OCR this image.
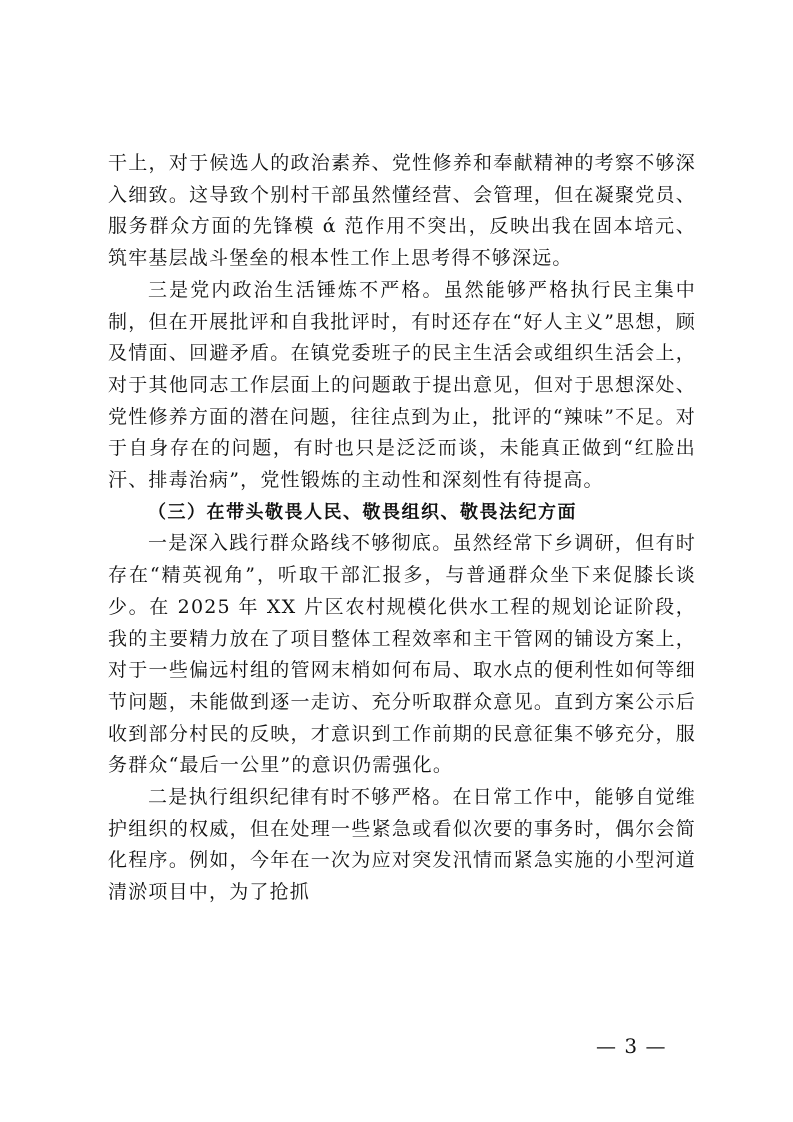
干上，对于候选人的政治素养、党性修养和奉献精神的考察不够深入细致。这导致个别村干部虽然懂经营、会管理，但在凝聚党员、服务群众方面的先锋模 ά 范作用不突出，反映出我在固本培元、筑牢基层战斗堡垒的根本性工作上思考得不够深远。

三是党内政治生活锤炼不严格。虽然能够严格执行民主集中制，但在开展批评和自我批评时，有时还存在“好人主义”思想，顾及情面、回避矛盾。在镇党委班子的民主生活会或组织生活会上，对于其他同志工作层面上的问题敢于提出意见，但对于思想深处、党性修养方面的潜在问题，往往点到为止，批评的“辣味”不足。对于自身存在的问题，有时也只是泛泛而谈，未能真正做到“红脸出汗、排毒治病”，党性锻炼的主动性和深刻性有待提高。

（三）在带头敬畏人民、敬畏组织、敬畏法纪方面

一是深入践行群众路线不够彻底。虽然经常下乡调研，但有时存在“精英视角”，听取干部汇报多，与普通群众坐下来促膝长谈少。在 2025 年 XX 片区农村规模化供水工程的规划论证阶段，我的主要精力放在了项目整体工程效率和主干管网的铺设方案上，对于一些偏远村组的管网末梢如何布局、取水点的便利性如何等细节问题，未能做到逐一走访、充分听取群众意见。直到方案公示后收到部分村民的反映，才意识到工作前期的民意征集不够充分，服务群众“最后一公里”的意识仍需强化。

二是执行组织纪律有时不够严格。在日常工作中，能够自觉维护组织的权威，但在处理一些紧急或看似次要的事务时，偶尔会简化程序。例如，今年在一次为应对突发汛情而紧急实施的小型河道清淤项目中，为了抢抓

— 3 —
